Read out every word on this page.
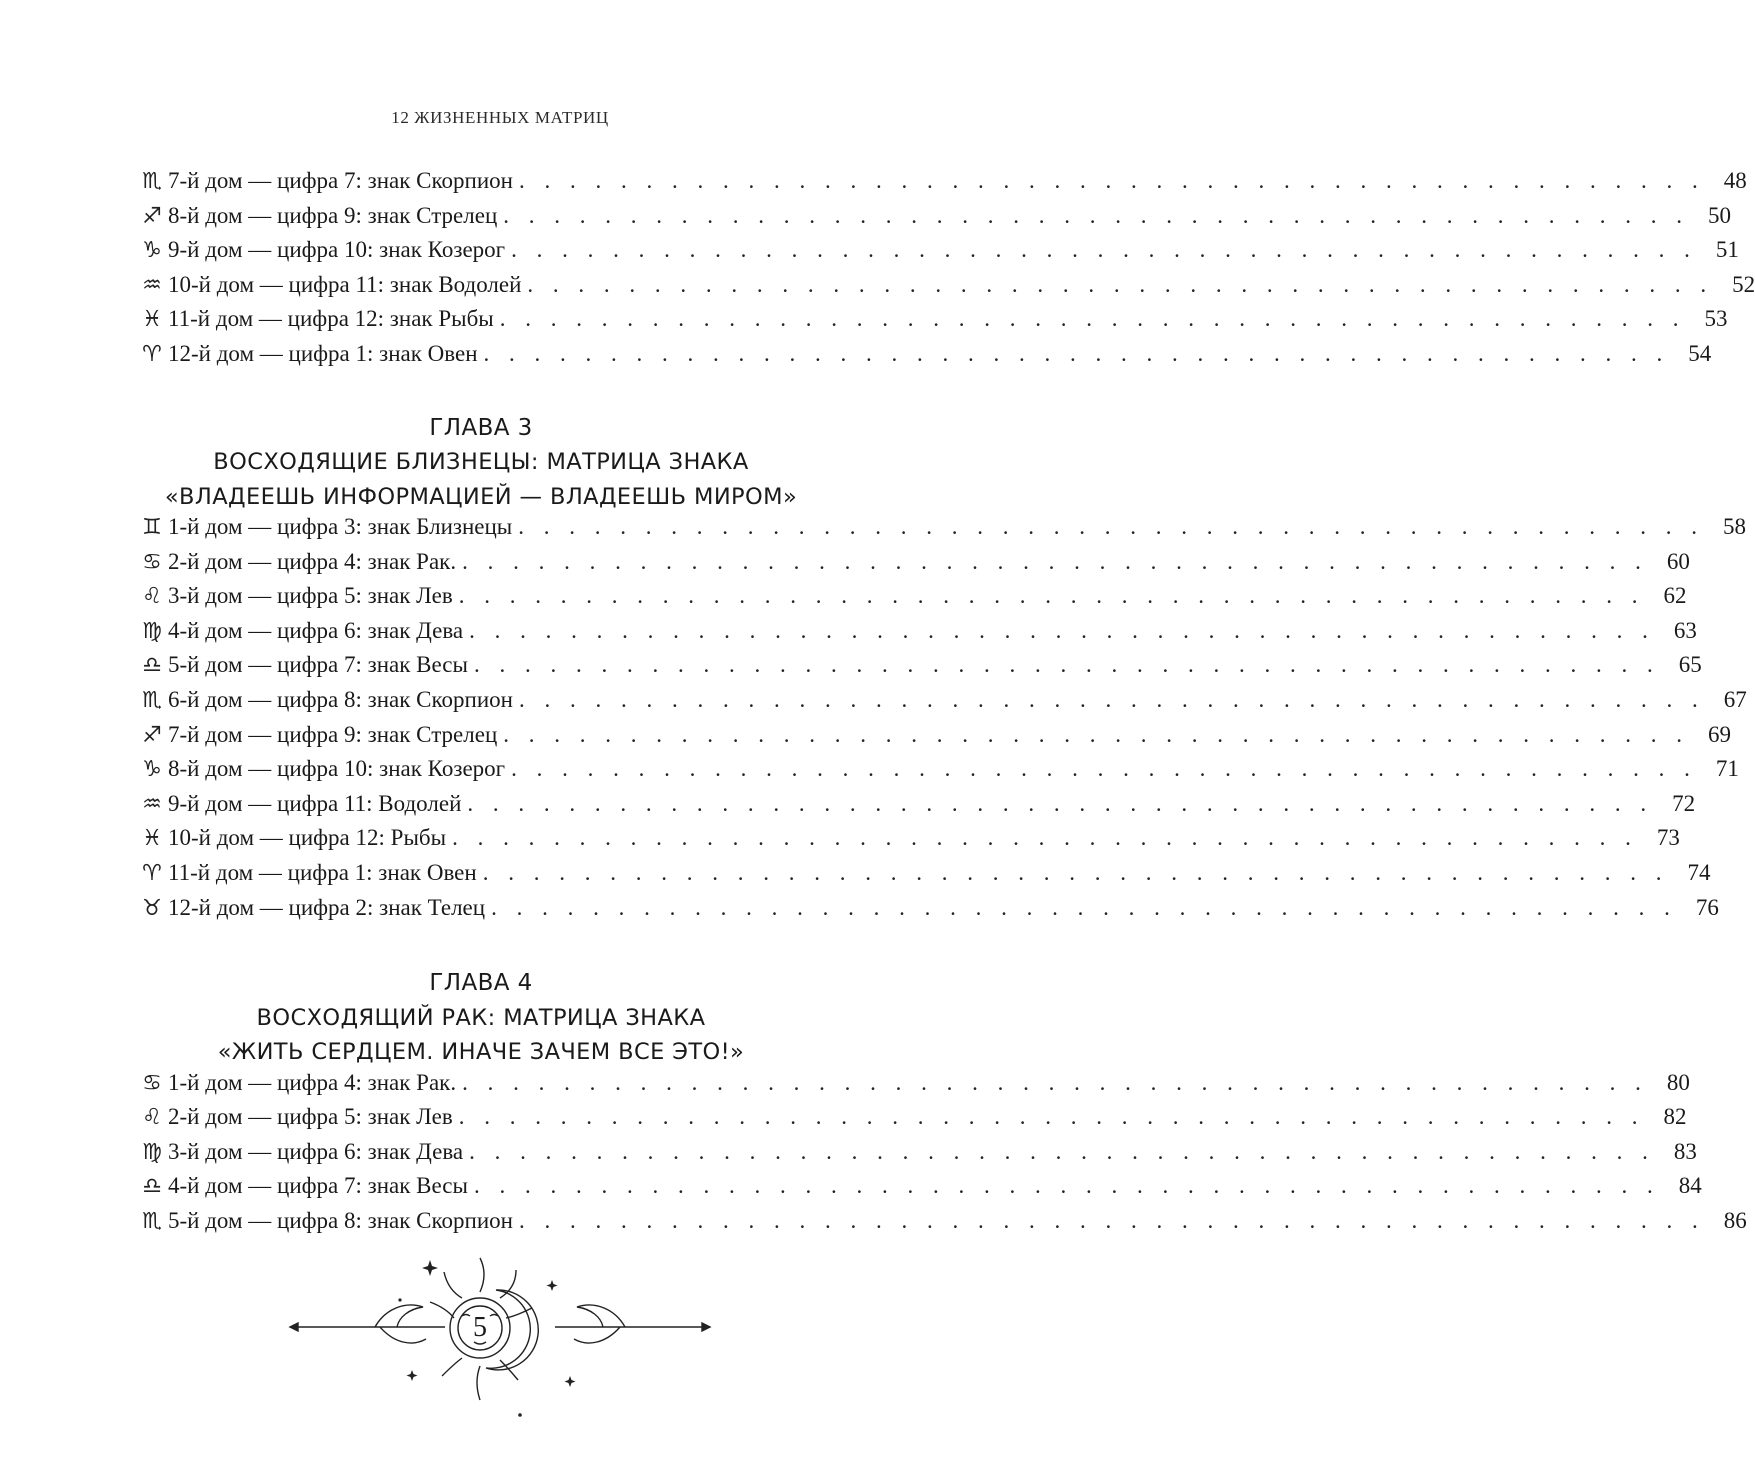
12 ЖИЗНЕННЫХ МАТРИЦ
♏ 7-й дом — цифра 7: знак Скорпион . . . . . . . . . . . . . . . . . . . . . . . . . . . . . . . . . . . . . . . . . . . . . . . 48
♐ 8-й дом — цифра 9: знак Стрелец . . . . . . . . . . . . . . . . . . . . . . . . . . . . . . . . . . . . . . . . . . . . . . . 50
♑ 9-й дом — цифра 10: знак Козерог . . . . . . . . . . . . . . . . . . . . . . . . . . . . . . . . . . . . . . . . . . . . . . . 51
♒ 10-й дом — цифра 11: знак Водолей . . . . . . . . . . . . . . . . . . . . . . . . . . . . . . . . . . . . . . . . . . . . . . . 52
♓ 11-й дом — цифра 12: знак Рыбы . . . . . . . . . . . . . . . . . . . . . . . . . . . . . . . . . . . . . . . . . . . . . . . 53
♈ 12-й дом — цифра 1: знак Овен . . . . . . . . . . . . . . . . . . . . . . . . . . . . . . . . . . . . . . . . . . . . . . . 54
ГЛАВА 3
ВОСХОДЯЩИЕ БЛИЗНЕЦЫ: МАТРИЦА ЗНАКА
«ВЛАДЕЕШЬ ИНФОРМАЦИЕЙ — ВЛАДЕЕШЬ МИРОМ»
♊ 1-й дом — цифра 3: знак Близнецы . . . . . . . . . . . . . . . . . . . . . . . . . . . . . . . . . . . . . . . . . . . . . . . 58
♋ 2-й дом — цифра 4: знак Рак. . . . . . . . . . . . . . . . . . . . . . . . . . . . . . . . . . . . . . . . . . . . . . . . 60
♌ 3-й дом — цифра 5: знак Лев . . . . . . . . . . . . . . . . . . . . . . . . . . . . . . . . . . . . . . . . . . . . . . . 62
♍ 4-й дом — цифра 6: знак Дева . . . . . . . . . . . . . . . . . . . . . . . . . . . . . . . . . . . . . . . . . . . . . . . 63
♎ 5-й дом — цифра 7: знак Весы . . . . . . . . . . . . . . . . . . . . . . . . . . . . . . . . . . . . . . . . . . . . . . . 65
♏ 6-й дом — цифра 8: знак Скорпион . . . . . . . . . . . . . . . . . . . . . . . . . . . . . . . . . . . . . . . . . . . . . . . 67
♐ 7-й дом — цифра 9: знак Стрелец . . . . . . . . . . . . . . . . . . . . . . . . . . . . . . . . . . . . . . . . . . . . . . . 69
♑ 8-й дом — цифра 10: знак Козерог . . . . . . . . . . . . . . . . . . . . . . . . . . . . . . . . . . . . . . . . . . . . . . . 71
♒ 9-й дом — цифра 11: Водолей . . . . . . . . . . . . . . . . . . . . . . . . . . . . . . . . . . . . . . . . . . . . . . . 72
♓ 10-й дом — цифра 12: Рыбы . . . . . . . . . . . . . . . . . . . . . . . . . . . . . . . . . . . . . . . . . . . . . . . 73
♈ 11-й дом — цифра 1: знак Овен . . . . . . . . . . . . . . . . . . . . . . . . . . . . . . . . . . . . . . . . . . . . . . . 74
♉ 12-й дом — цифра 2: знак Телец . . . . . . . . . . . . . . . . . . . . . . . . . . . . . . . . . . . . . . . . . . . . . . . 76
ГЛАВА 4
ВОСХОДЯЩИЙ РАК: МАТРИЦА ЗНАКА
«ЖИТЬ СЕРДЦЕМ. ИНАЧЕ ЗАЧЕМ ВСЕ ЭТО!»
♋ 1-й дом — цифра 4: знак Рак. . . . . . . . . . . . . . . . . . . . . . . . . . . . . . . . . . . . . . . . . . . . . . . . 80
♌ 2-й дом — цифра 5: знак Лев . . . . . . . . . . . . . . . . . . . . . . . . . . . . . . . . . . . . . . . . . . . . . . . 82
♍ 3-й дом — цифра 6: знак Дева . . . . . . . . . . . . . . . . . . . . . . . . . . . . . . . . . . . . . . . . . . . . . . . 83
♎ 4-й дом — цифра 7: знак Весы . . . . . . . . . . . . . . . . . . . . . . . . . . . . . . . . . . . . . . . . . . . . . . . 84
♏ 5-й дом — цифра 8: знак Скорпион . . . . . . . . . . . . . . . . . . . . . . . . . . . . . . . . . . . . . . . . . . . . . . . 86
5
